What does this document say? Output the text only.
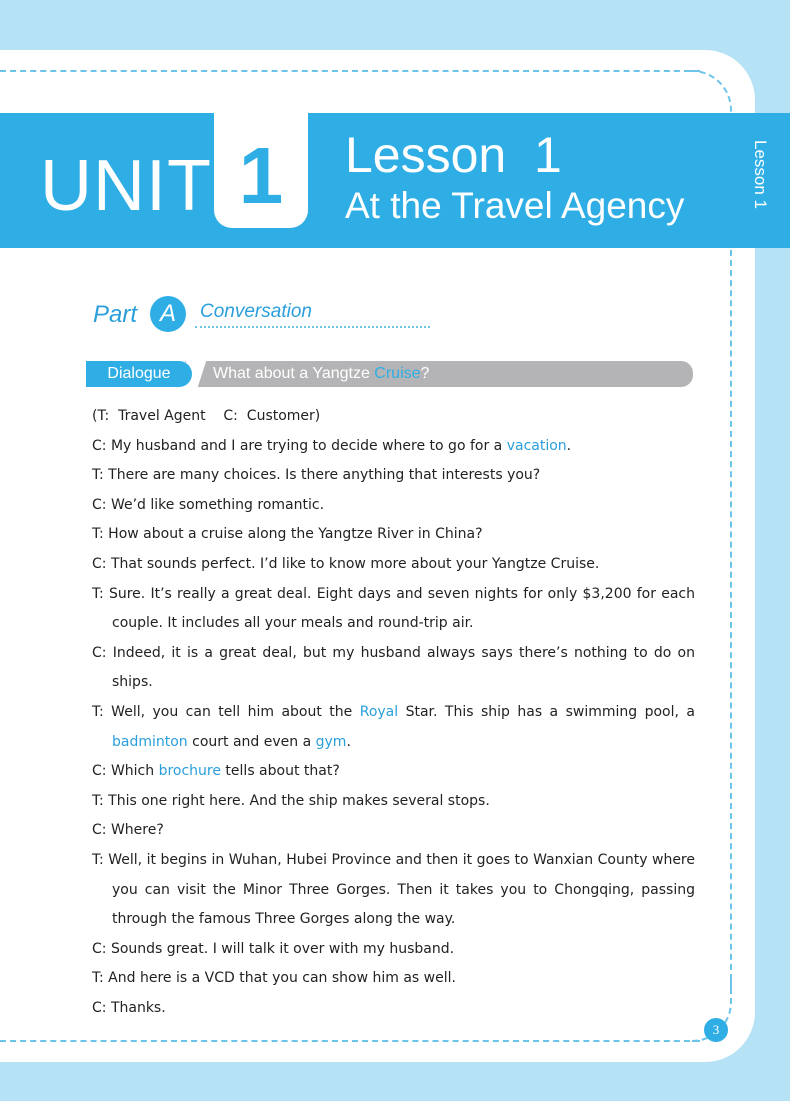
UNIT 1	Lesson  1
At the Travel Agency	Lesson 1
Part A	Conversation
Dialogue	What about a Yangtze Cruise?
(T:  Travel Agent    C:  Customer)
C: My husband and I are trying to decide where to go for a vacation.
T: There are many choices. Is there anything that interests you?
C: We’d like something romantic.
T: How about a cruise along the Yangtze River in China?
C: That sounds perfect. I’d like to know more about your Yangtze Cruise.
T: Sure. It’s really a great deal. Eight days and seven nights for only $3,200 for each couple. It includes all your meals and round-trip air.
C: Indeed, it is a great deal, but my husband always says there’s nothing to do on ships.
T: Well, you can tell him about the Royal Star. This ship has a swimming pool, a badminton court and even a gym.
C: Which brochure tells about that?
T: This one right here. And the ship makes several stops.
C: Where?
T: Well, it begins in Wuhan, Hubei Province and then it goes to Wanxian County where you can visit the Minor Three Gorges. Then it takes you to Chongqing, passing through the famous Three Gorges along the way.
C: Sounds great. I will talk it over with my husband.
T: And here is a VCD that you can show him as well.
C: Thanks.
3
